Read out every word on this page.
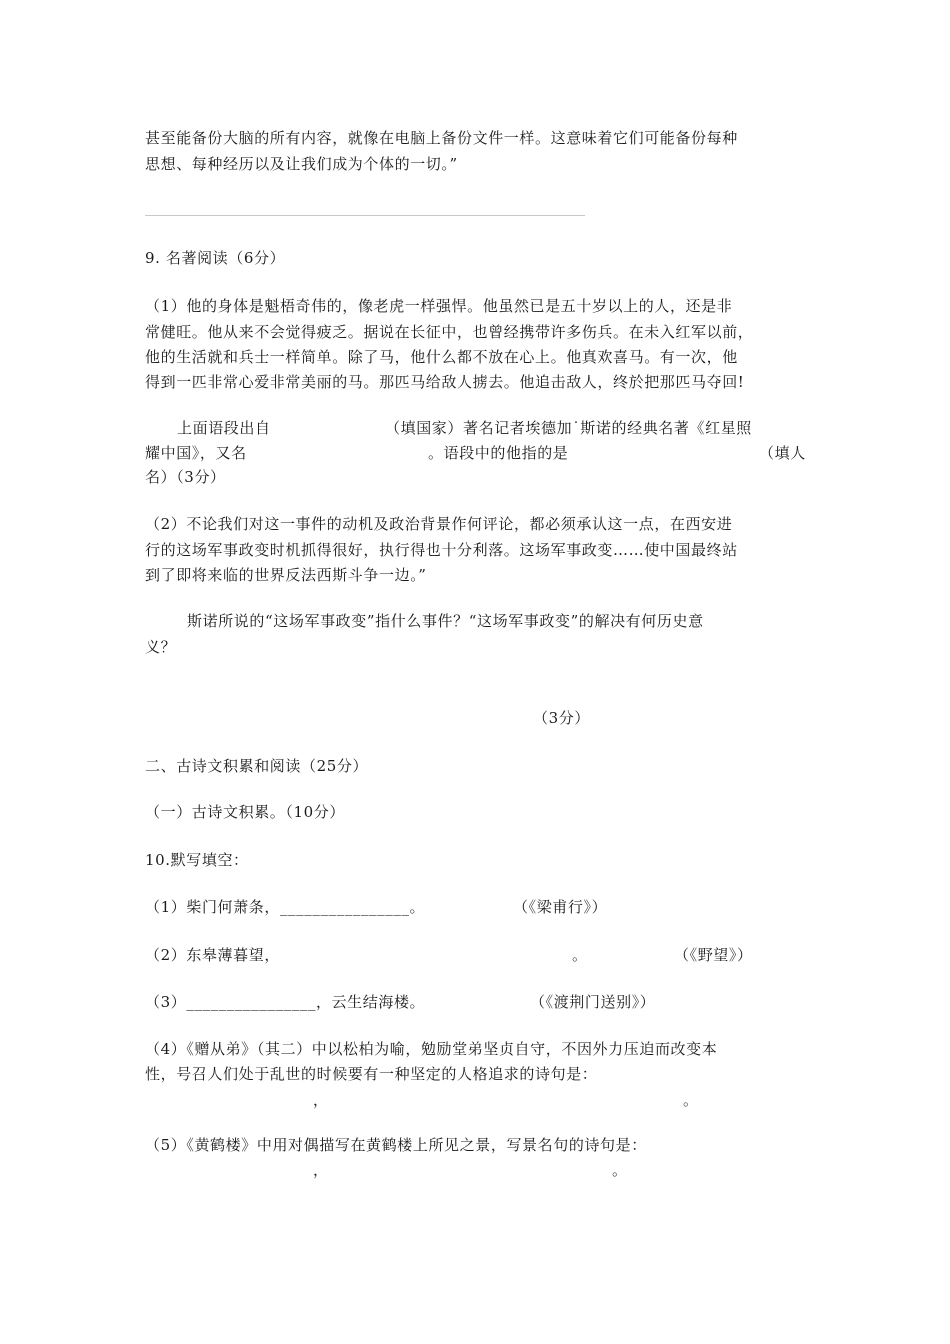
甚至能备份大脑的所有内容，就像在电脑上备份文件一样。这意味着它们可能备份每种
思想、每种经历以及让我们成为个体的一切。”
9. 名著阅读（6分）
（1）他的身体是魁梧奇伟的，像老虎一样强悍。他虽然已是五十岁以上的人，还是非
常健旺。他从来不会觉得疲乏。据说在长征中，也曾经携带许多伤兵。在未入红军以前，
他的生活就和兵士一样简单。除了马，他什么都不放在心上。他真欢喜马。有一次，他
得到一匹非常心爱非常美丽的马。那匹马给敌人掳去。他追击敌人，终於把那匹马夺回!
上面语段出自	（填国家）著名记者埃德加˙斯诺的经典名著《红星照
耀中国》，又名	。语段中的他指的是	（填人
名）（3分）
（2）不论我们对这一事件的动机及政治背景作何评论，都必须承认这一点，在西安进
行的这场军事政变时机抓得很好，执行得也十分利落。这场军事政变……使中国最终站
到了即将来临的世界反法西斯斗争一边。”
斯诺所说的“这场军事政变”指什么事件？“这场军事政变”的解决有何历史意
义？
（3分）
二、古诗文积累和阅读（25分）
（一）古诗文积累。（10分）
10.默写填空：
（1）柴门何萧条，________________。	（《梁甫行》）
（2）东皋薄暮望，	。	（《野望》）
（3）________________，云生结海楼。	（《渡荆门送别》）
（4）《赠从弟》（其二）中以松柏为喻，勉励堂弟坚贞自守，不因外力压迫而改变本
性，号召人们处于乱世的时候要有一种坚定的人格追求的诗句是：
，	。
（5）《黄鹤楼》中用对偶描写在黄鹤楼上所见之景，写景名句的诗句是：
，	。
